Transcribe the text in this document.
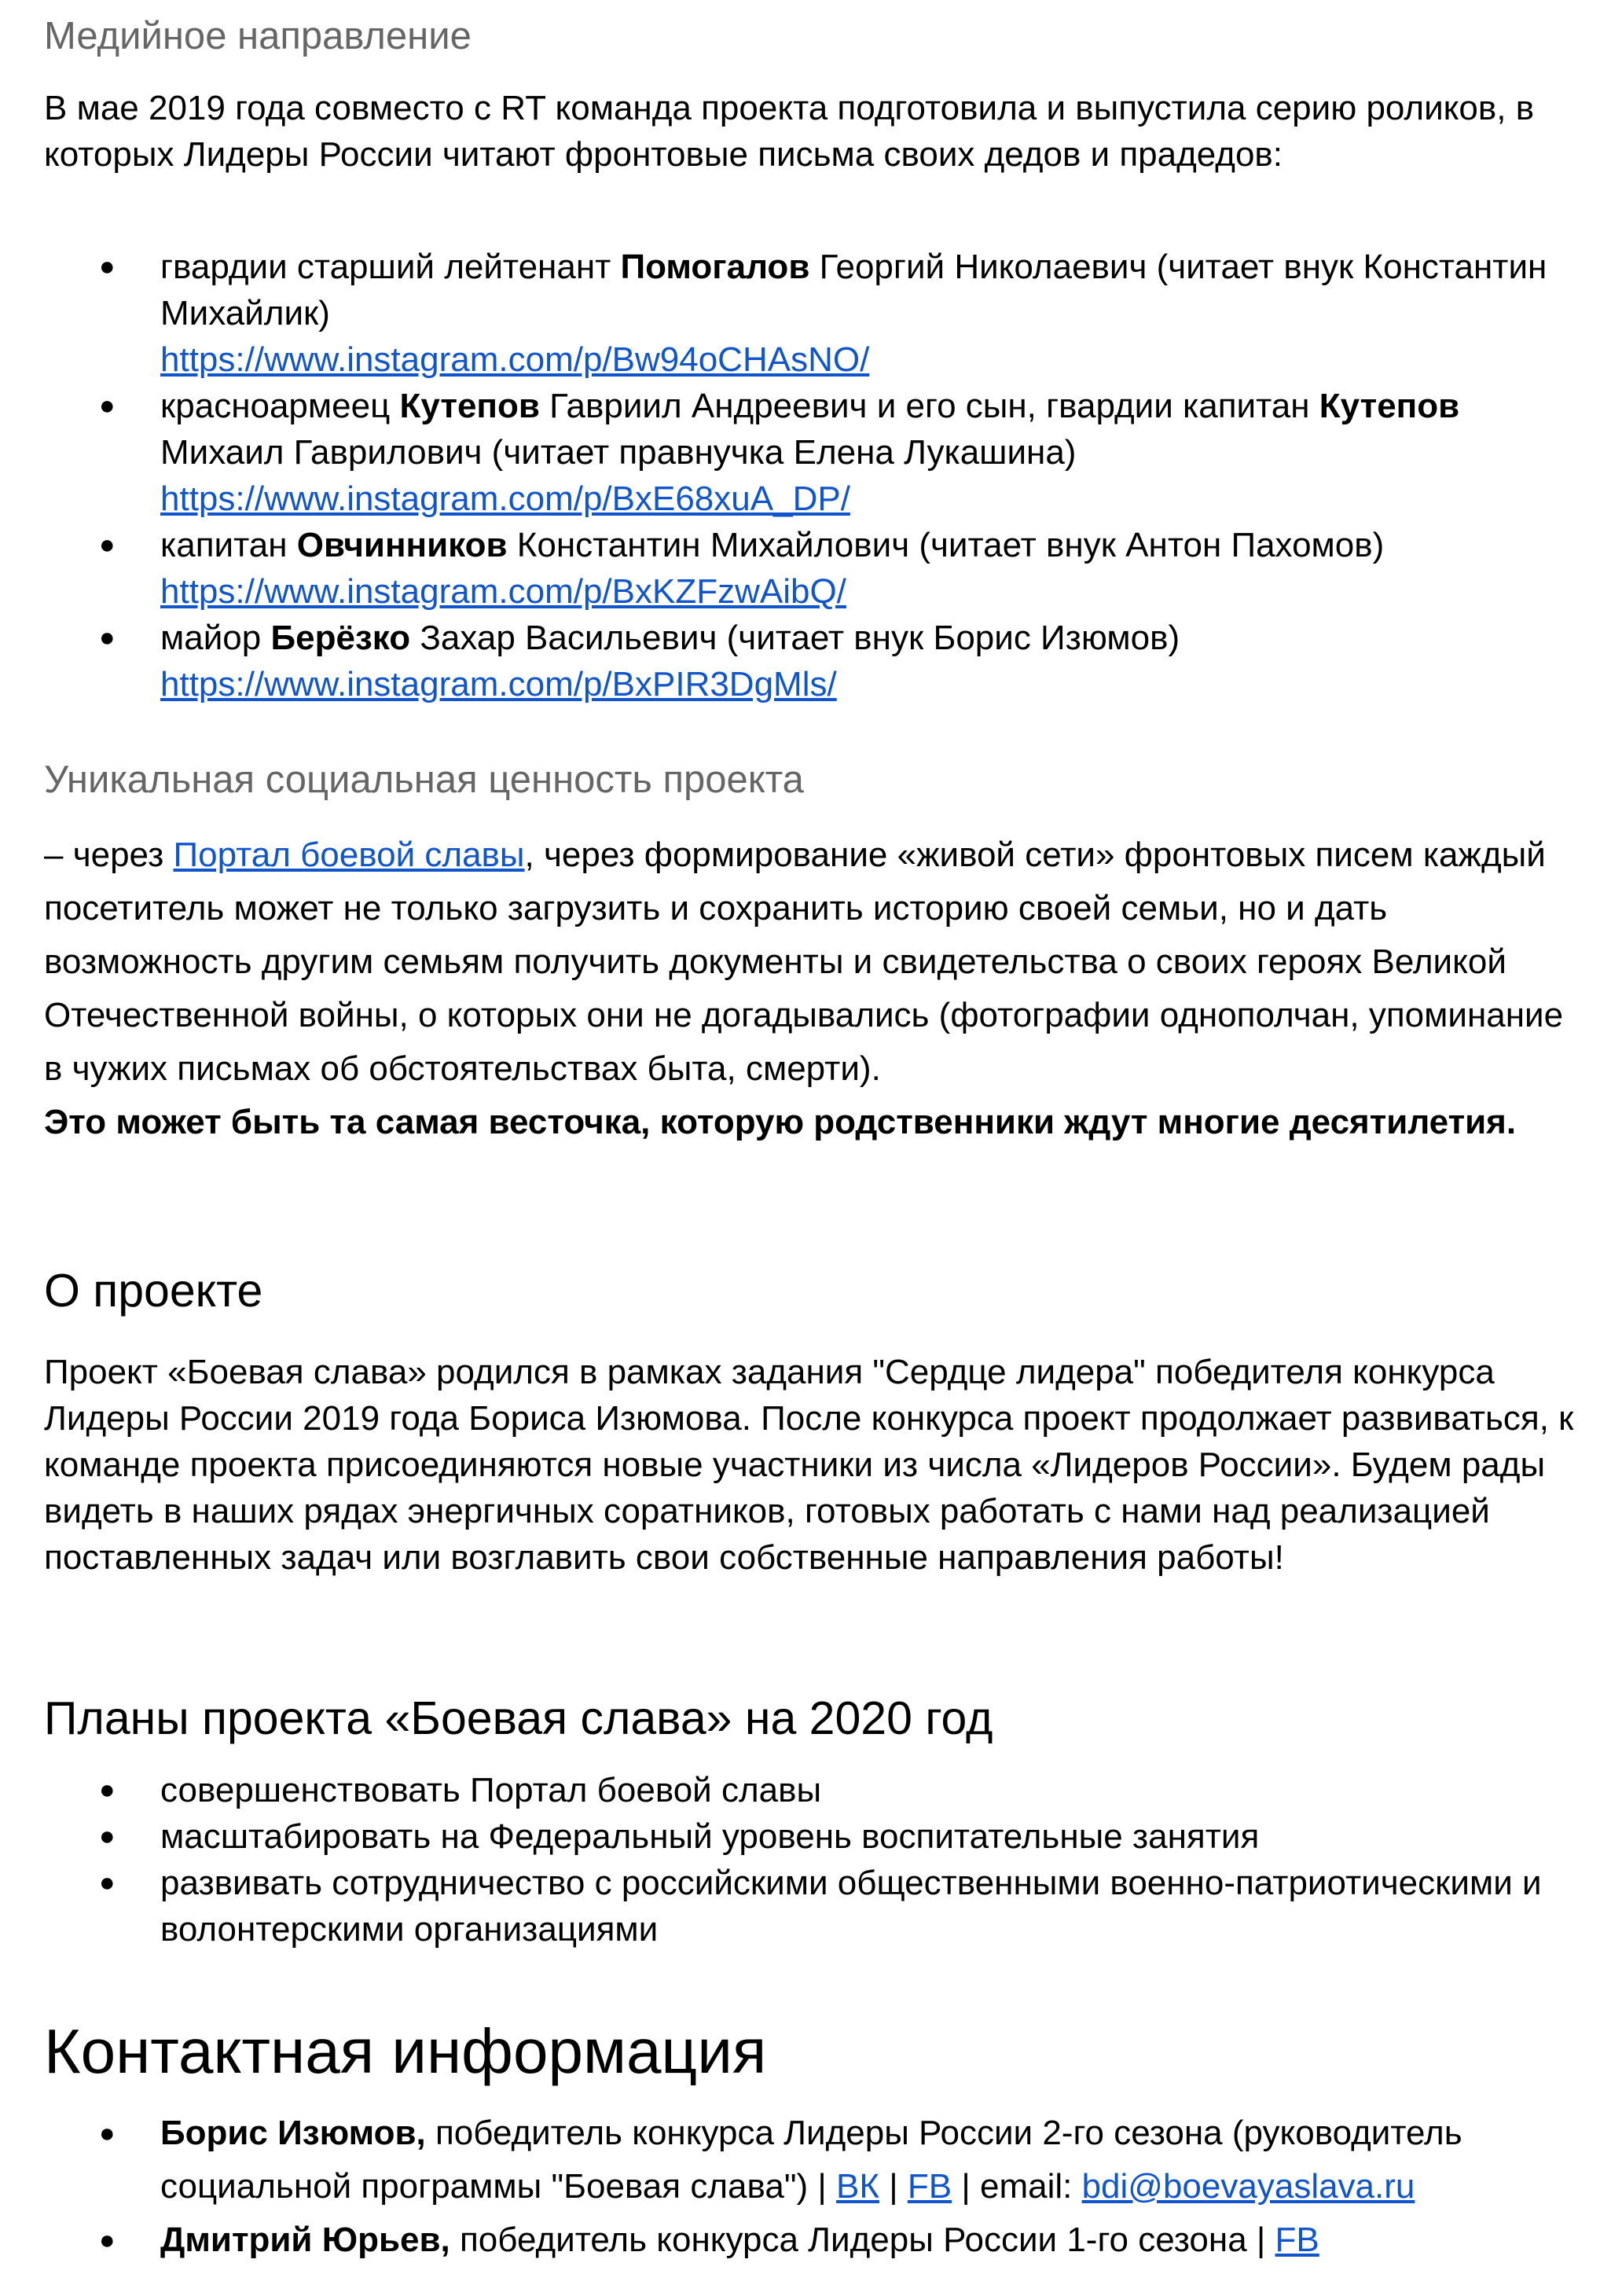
Медийное направление

В мае 2019 года совместо с RT команда проекта подготовила и выпустила серию роликов, в которых Лидеры России читают фронтовые письма своих дедов и прадедов:

● гвардии старший лейтенант Помогалов Георгий Николаевич (читает внук Константин Михайлик)
https://www.instagram.com/p/Bw94oCHAsNO/
● красноармеец Кутепов Гавриил Андреевич и его сын, гвардии капитан Кутепов Михаил Гаврилович (читает правнучка Елена Лукашина)
https://www.instagram.com/p/BxE68xuA_DP/
● капитан Овчинников Константин Михайлович (читает внук Антон Пахомов)
https://www.instagram.com/p/BxKZFzwAibQ/
● майор Берёзко Захар Васильевич (читает внук Борис Изюмов)
https://www.instagram.com/p/BxPIR3DgMls/
Уникальная социальная ценность проекта

– через Портал боевой славы, через формирование «живой сети» фронтовых писем каждый посетитель может не только загрузить и сохранить историю своей семьи, но и дать возможность другим семьям получить документы и свидетельства о своих героях Великой Отечественной войны, о которых они не догадывались (фотографии однополчан, упоминание в чужих письмах об обстоятельствах быта, смерти).
Это может быть та самая весточка, которую родственники ждут многие десятилетия.

О проекте

Проект «Боевая слава» родился в рамках задания "Сердце лидера" победителя конкурса Лидеры России 2019 года Бориса Изюмова. После конкурса проект продолжает развиваться, к команде проекта присоединяются новые участники из числа «Лидеров России». Будем рады видеть в наших рядах энергичных соратников, готовых работать с нами над реализацией поставленных задач или возглавить свои собственные направления работы!

Планы проекта «Боевая слава» на 2020 год
● совершенствовать Портал боевой славы
● масштабировать на Федеральный уровень воспитательные занятия
● развивать сотрудничество с российскими общественными военно-патриотическими и волонтерскими организациями
Контактная информация
● Борис Изюмов, победитель конкурса Лидеры России 2-го сезона (руководитель социальной программы "Боевая слава") | ВК | FB | email: bdi@boevayaslava.ru
● Дмитрий Юрьев, победитель конкурса Лидеры России 1-го сезона | FB
